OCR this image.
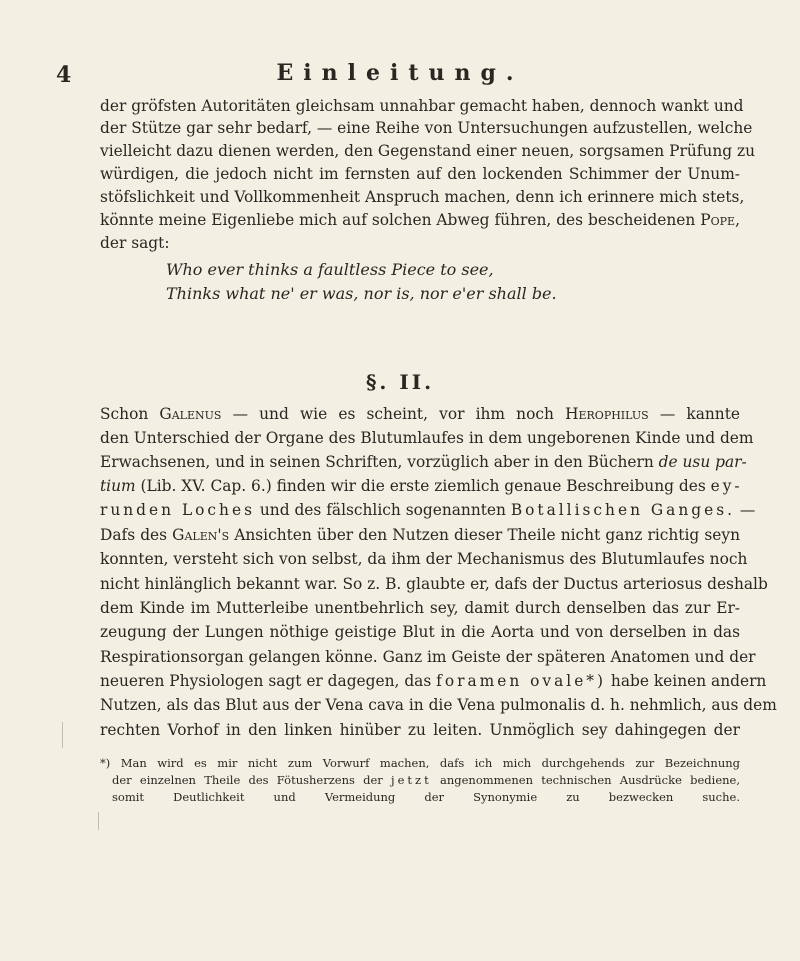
4	Einleitung.
der gröfsten Autoritäten gleichsam unnahbar gemacht haben, dennoch wankt und
der Stütze gar sehr bedarf, — eine Reihe von Untersuchungen aufzustellen, welche
vielleicht dazu dienen werden, den Gegenstand einer neuen, sorgsamen Prüfung zu
würdigen, die jedoch nicht im fernsten auf den lockenden Schimmer der Unum-
stöfslichkeit und Vollkommenheit Anspruch machen, denn ich erinnere mich stets,
könnte meine Eigenliebe mich auf solchen Abweg führen, des bescheidenen Pope,
der sagt:
Who ever thinks a faultless Piece to see,
Thinks what ne' er was, nor is, nor e'er shall be.
§. II.
Schon Galenus — und wie es scheint, vor ihm noch Herophilus — kannte
den Unterschied der Organe des Blutumlaufes in dem ungeborenen Kinde und dem
Erwachsenen, und in seinen Schriften, vorzüglich aber in den Büchern de usu par-
tium (Lib. XV. Cap. 6.) finden wir die erste ziemlich genaue Beschreibung des ey-
runden Loches und des fälschlich sogenannten Botallischen Ganges. —
Dafs des Galen's Ansichten über den Nutzen dieser Theile nicht ganz richtig seyn
konnten, versteht sich von selbst, da ihm der Mechanismus des Blutumlaufes noch
nicht hinlänglich bekannt war. So z. B. glaubte er, dafs der Ductus arteriosus deshalb
dem Kinde im Mutterleibe unentbehrlich sey, damit durch denselben das zur Er-
zeugung der Lungen nöthige geistige Blut in die Aorta und von derselben in das
Respirationsorgan gelangen könne. Ganz im Geiste der späteren Anatomen und der
neueren Physiologen sagt er dagegen, das foramen ovale*) habe keinen andern
Nutzen, als das Blut aus der Vena cava in die Vena pulmonalis d. h. nehmlich, aus dem
rechten Vorhof in den linken hinüber zu leiten. Unmöglich sey dahingegen der
*) Man wird es mir nicht zum Vorwurf machen, dafs ich mich durchgehends zur Bezeichnung
der einzelnen Theile des Fötusherzens der jetzt angenommenen technischen Ausdrücke bediene,
somit Deutlichkeit und Vermeidung der Synonymie zu bezwecken suche.
